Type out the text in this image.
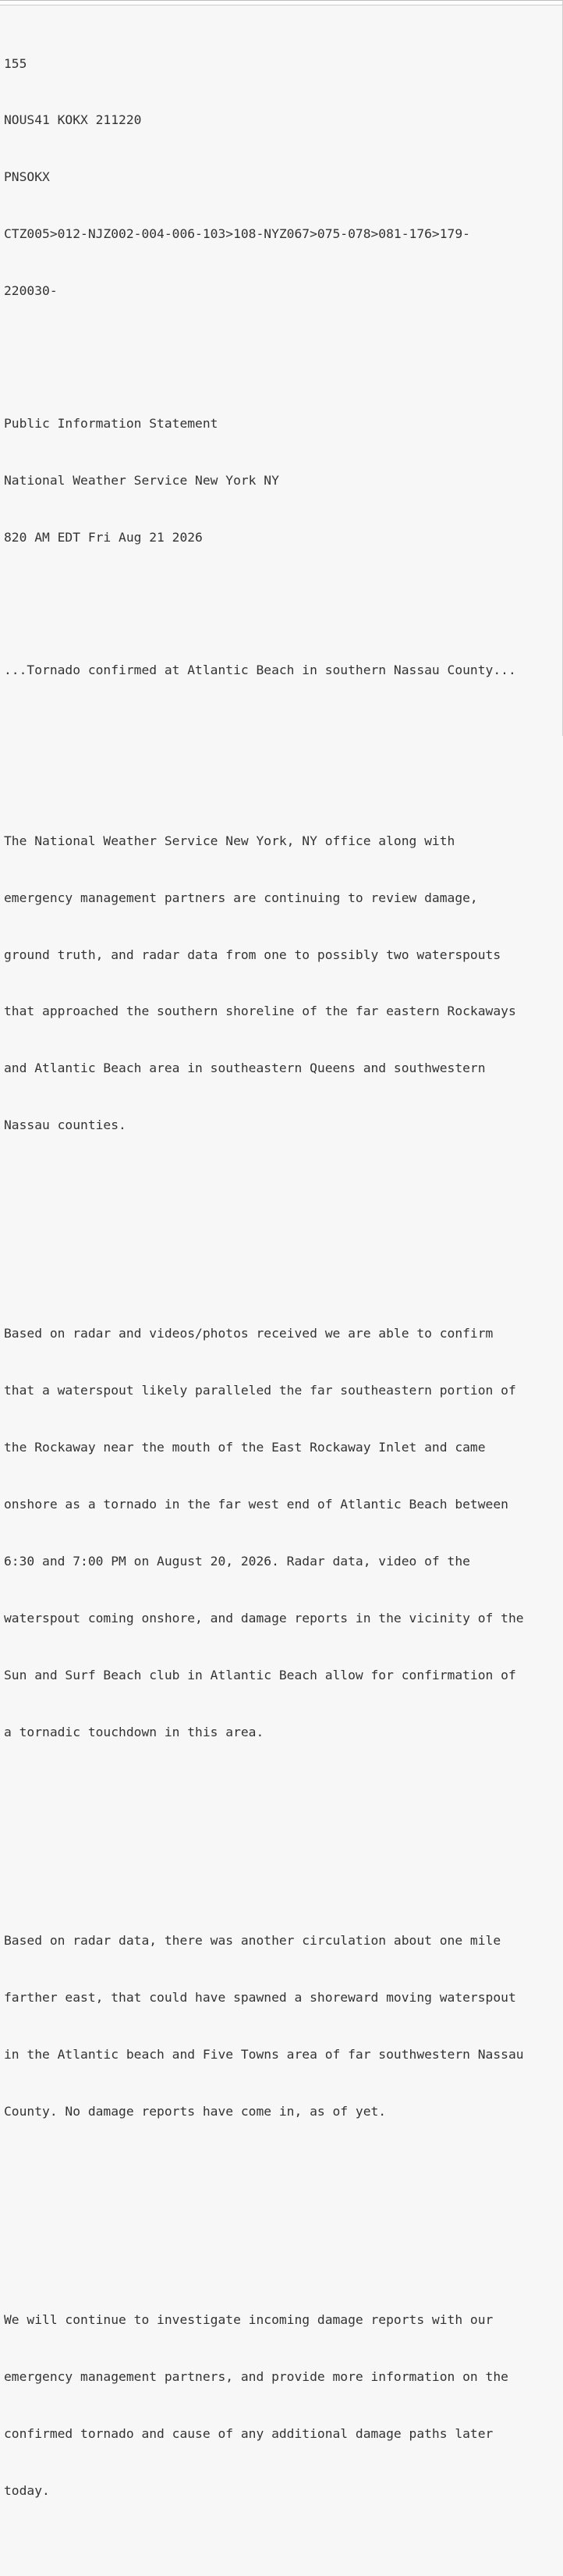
155

NOUS41 KOKX 211220

PNSOKX

CTZ005>012-NJZ002-004-006-103>108-NYZ067>075-078>081-176>179-

220030-

Public Information Statement

National Weather Service New York NY

820 AM EDT Fri Aug 21 2026

...Tornado confirmed at Atlantic Beach in southern Nassau County...

The National Weather Service New York, NY office along with

emergency management partners are continuing to review damage,

ground truth, and radar data from one to possibly two waterspouts

that approached the southern shoreline of the far eastern Rockaways

and Atlantic Beach area in southeastern Queens and southwestern

Nassau counties.

Based on radar and videos/photos received we are able to confirm

that a waterspout likely paralleled the far southeastern portion of

the Rockaway near the mouth of the East Rockaway Inlet and came

onshore as a tornado in the far west end of Atlantic Beach between

6:30 and 7:00 PM on August 20, 2026. Radar data, video of the

waterspout coming onshore, and damage reports in the vicinity of the

Sun and Surf Beach club in Atlantic Beach allow for confirmation of

a tornadic touchdown in this area.

Based on radar data, there was another circulation about one mile

farther east, that could have spawned a shoreward moving waterspout

in the Atlantic beach and Five Towns area of far southwestern Nassau

County. No damage reports have come in, as of yet.

We will continue to investigate incoming damage reports with our

emergency management partners, and provide more information on the

confirmed tornado and cause of any additional damage paths later

today.
